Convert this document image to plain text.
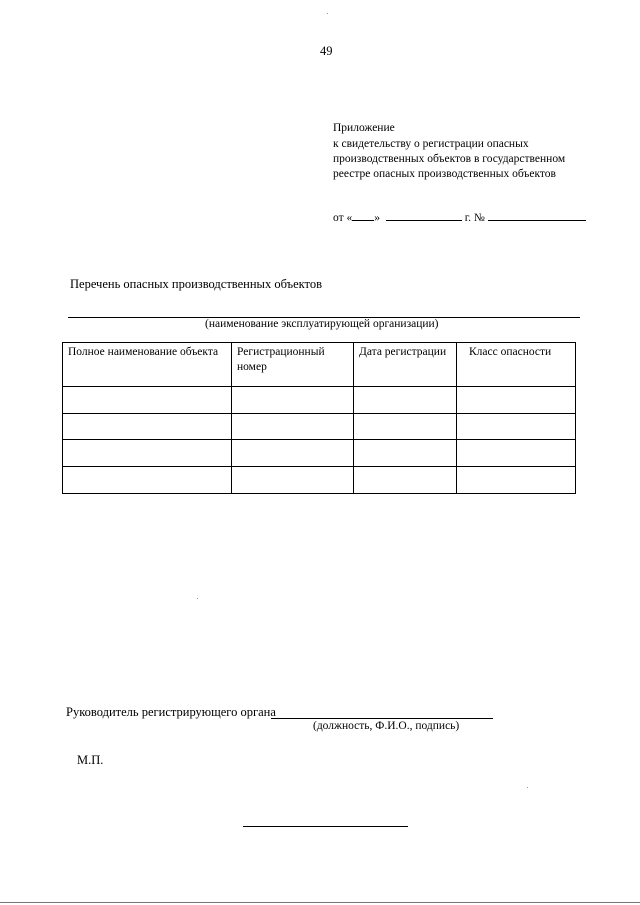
49
Приложение
к свидетельству о регистрации опасных
производственных объектов в государственном
реестре опасных производственных объектов
от « »	г. №
Перечень опасных производственных объектов
(наименование эксплуатирующей организации)
Полное наименование объекта	Регистрационный номер	Дата регистрации	Класс опасности

Руководитель регистрирующего органа
(должность, Ф.И.О., подпись)
М.П.
